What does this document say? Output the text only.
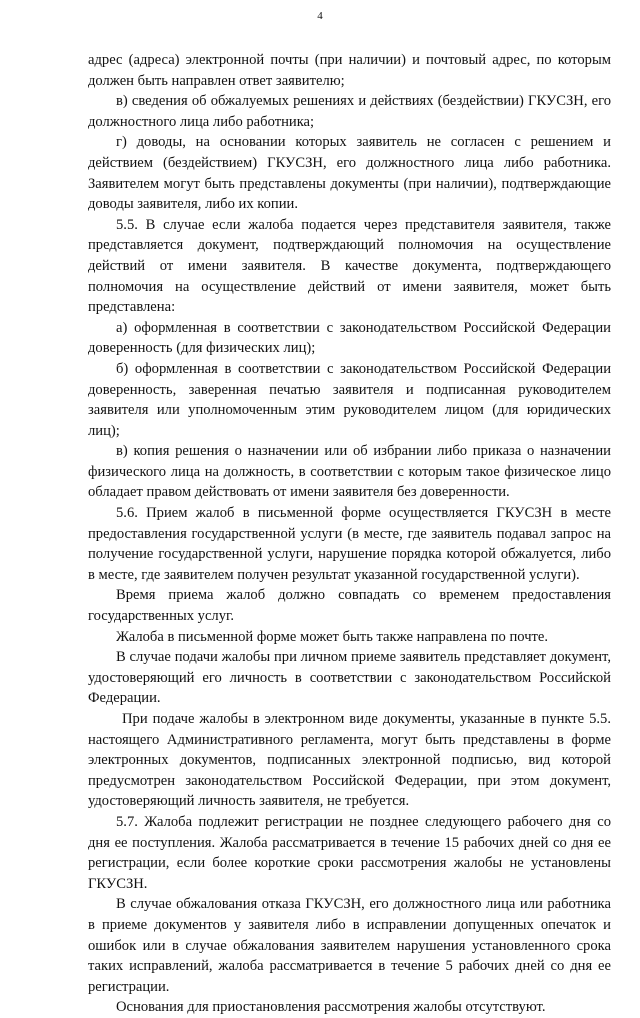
4

адрес (адреса) электронной почты (при наличии) и почтовый адрес, по которым должен быть направлен ответ заявителю;

в) сведения об обжалуемых решениях и действиях (бездействии) ГКУСЗН, его должностного лица либо работника;

г) доводы, на основании которых заявитель не согласен с решением и действием (бездействием) ГКУСЗН, его должностного лица либо работника. Заявителем могут быть представлены документы (при наличии), подтверждающие доводы заявителя, либо их копии.

5.5. В случае если жалоба подается через представителя заявителя, также представляется документ, подтверждающий полномочия на осуществление действий от имени заявителя. В качестве документа, подтверждающего полномочия на осуществление действий от имени заявителя, может быть представлена:

а) оформленная в соответствии с законодательством Российской Федерации доверенность (для физических лиц);

б) оформленная в соответствии с законодательством Российской Федерации доверенность, заверенная печатью заявителя и подписанная руководителем заявителя или уполномоченным этим руководителем лицом (для юридических лиц);

в) копия решения о назначении или об избрании либо приказа о назначении физического лица на должность, в соответствии с которым такое физическое лицо обладает правом действовать от имени заявителя без доверенности.

5.6. Прием жалоб в письменной форме осуществляется ГКУСЗН в месте предоставления государственной услуги (в месте, где заявитель подавал запрос на получение государственной услуги, нарушение порядка которой обжалуется, либо в месте, где заявителем получен результат указанной государственной услуги).

Время приема жалоб должно совпадать со временем предоставления государственных услуг.

Жалоба в письменной форме может быть также направлена по почте.

В случае подачи жалобы при личном приеме заявитель представляет документ, удостоверяющий его личность в соответствии с законодательством Российской Федерации.

При подаче жалобы в электронном виде документы, указанные в пункте 5.5. настоящего Административного регламента, могут быть представлены в форме электронных документов, подписанных электронной подписью, вид которой предусмотрен законодательством Российской Федерации, при этом документ, удостоверяющий личность заявителя, не требуется.

5.7. Жалоба подлежит регистрации не позднее следующего рабочего дня со дня ее поступления. Жалоба рассматривается в течение 15 рабочих дней со дня ее регистрации, если более короткие сроки рассмотрения жалобы не установлены ГКУСЗН.

В случае обжалования отказа ГКУСЗН, его должностного лица или работника в приеме документов у заявителя либо в исправлении допущенных опечаток и ошибок или в случае обжалования заявителем нарушения установленного срока таких исправлений, жалоба рассматривается в течение 5 рабочих дней со дня ее регистрации.

Основания для приостановления рассмотрения жалобы отсутствуют.
